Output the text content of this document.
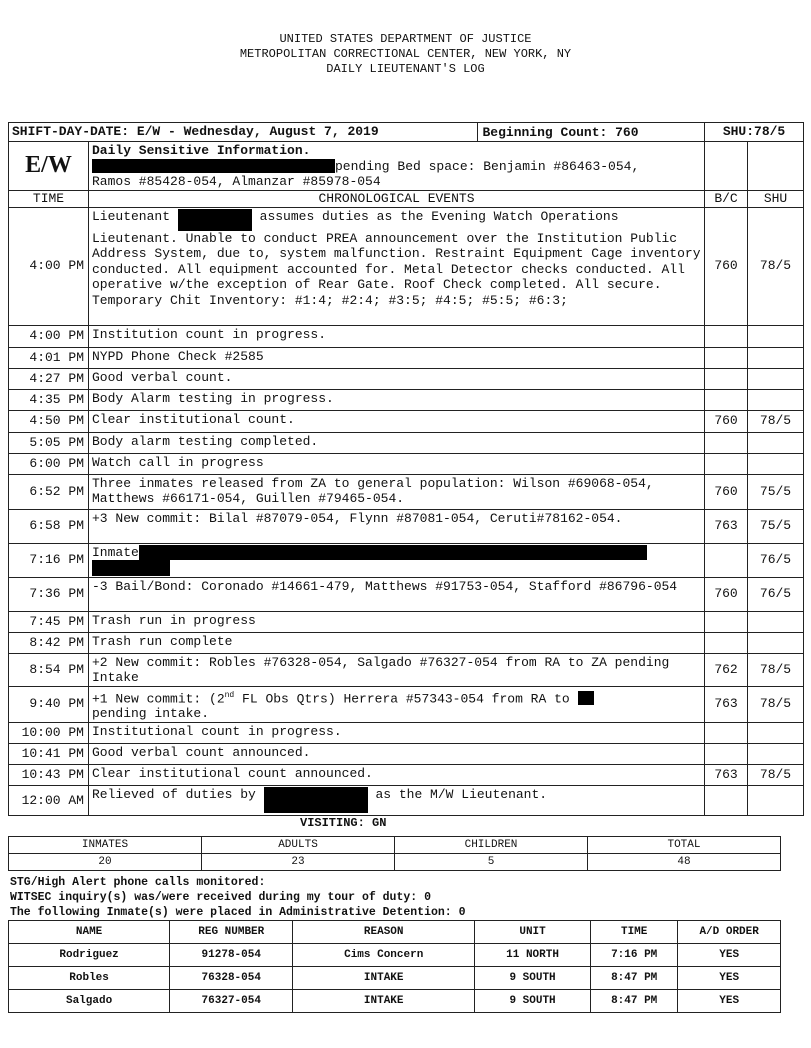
UNITED STATES DEPARTMENT OF JUSTICE
METROPOLITAN CORRECTIONAL CENTER, NEW YORK, NY
DAILY LIEUTENANT'S LOG
SHIFT-DAY-DATE: E/W - Wednesday, August 7, 2019 Beginning Count: 760		SHU:78/5	
E/W	Daily Sensitive Information.
pending Bed space: Benjamin #86463-054,
Ramos #85428-054, Almanzar #85978-054		
TIME	CHRONOLOGICAL EVENTS	B/C	SHU
4:00 PM	Lieutenant assumes duties as the Evening Watch Operations Lieutenant. Unable to conduct PREA announcement over the Institution Public Address System, due to, system malfunction. Restraint Equipment Cage inventory conducted. All equipment accounted for. Metal Detector checks conducted. All operative w/the exception of Rear Gate. Roof Check completed. All secure. Temporary Chit Inventory: #1:4; #2:4; #3:5; #4:5; #5:5; #6:3;	760	78/5
4:00 PM	Institution count in progress.		
4:01 PM	NYPD Phone Check #2585		
4:27 PM	Good verbal count.		
4:35 PM	Body Alarm testing in progress.		
4:50 PM	Clear institutional count.	760	78/5
5:05 PM	Body alarm testing completed.		
6:00 PM	Watch call in progress		
6:52 PM	Three inmates released from ZA to general population: Wilson #69068-054, Matthews #66171-054, Guillen #79465-054.	760	75/5
6:58 PM	+3 New commit: Bilal #87079-054, Flynn #87081-054, Ceruti#78162-054.	763	75/5
7:16 PM	Inmate		76/5
7:36 PM	-3 Bail/Bond: Coronado #14661-479, Matthews #91753-054, Stafford #86796-054	760	76/5
7:45 PM	Trash run in progress		
8:42 PM	Trash run complete		
8:54 PM	+2 New commit: Robles #76328-054, Salgado #76327-054 from RA to ZA pending Intake	762	78/5
9:40 PM	+1 New commit: (2nd FL Obs Qtrs) Herrera #57343-054 from RA to
pending intake.	763	78/5
10:00 PM	Institutional count in progress.		
10:41 PM	Good verbal count announced.		
10:43 PM	Clear institutional count announced.	763	78/5
12:00 AM	Relieved of duties by as the M/W Lieutenant.		
VISITING: GN
INMATES	ADULTS	CHILDREN	TOTAL
20	23	5	48
STG/High Alert phone calls monitored:
WITSEC inquiry(s) was/were received during my tour of duty: 0
The following Inmate(s) were placed in Administrative Detention: 0
NAME	REG NUMBER	REASON	UNIT	TIME	A/D ORDER
Rodriguez	91278-054	Cims Concern	11 NORTH	7:16 PM	YES
Robles	76328-054	INTAKE	9 SOUTH	8:47 PM	YES
Salgado	76327-054	INTAKE	9 SOUTH	8:47 PM	YES
